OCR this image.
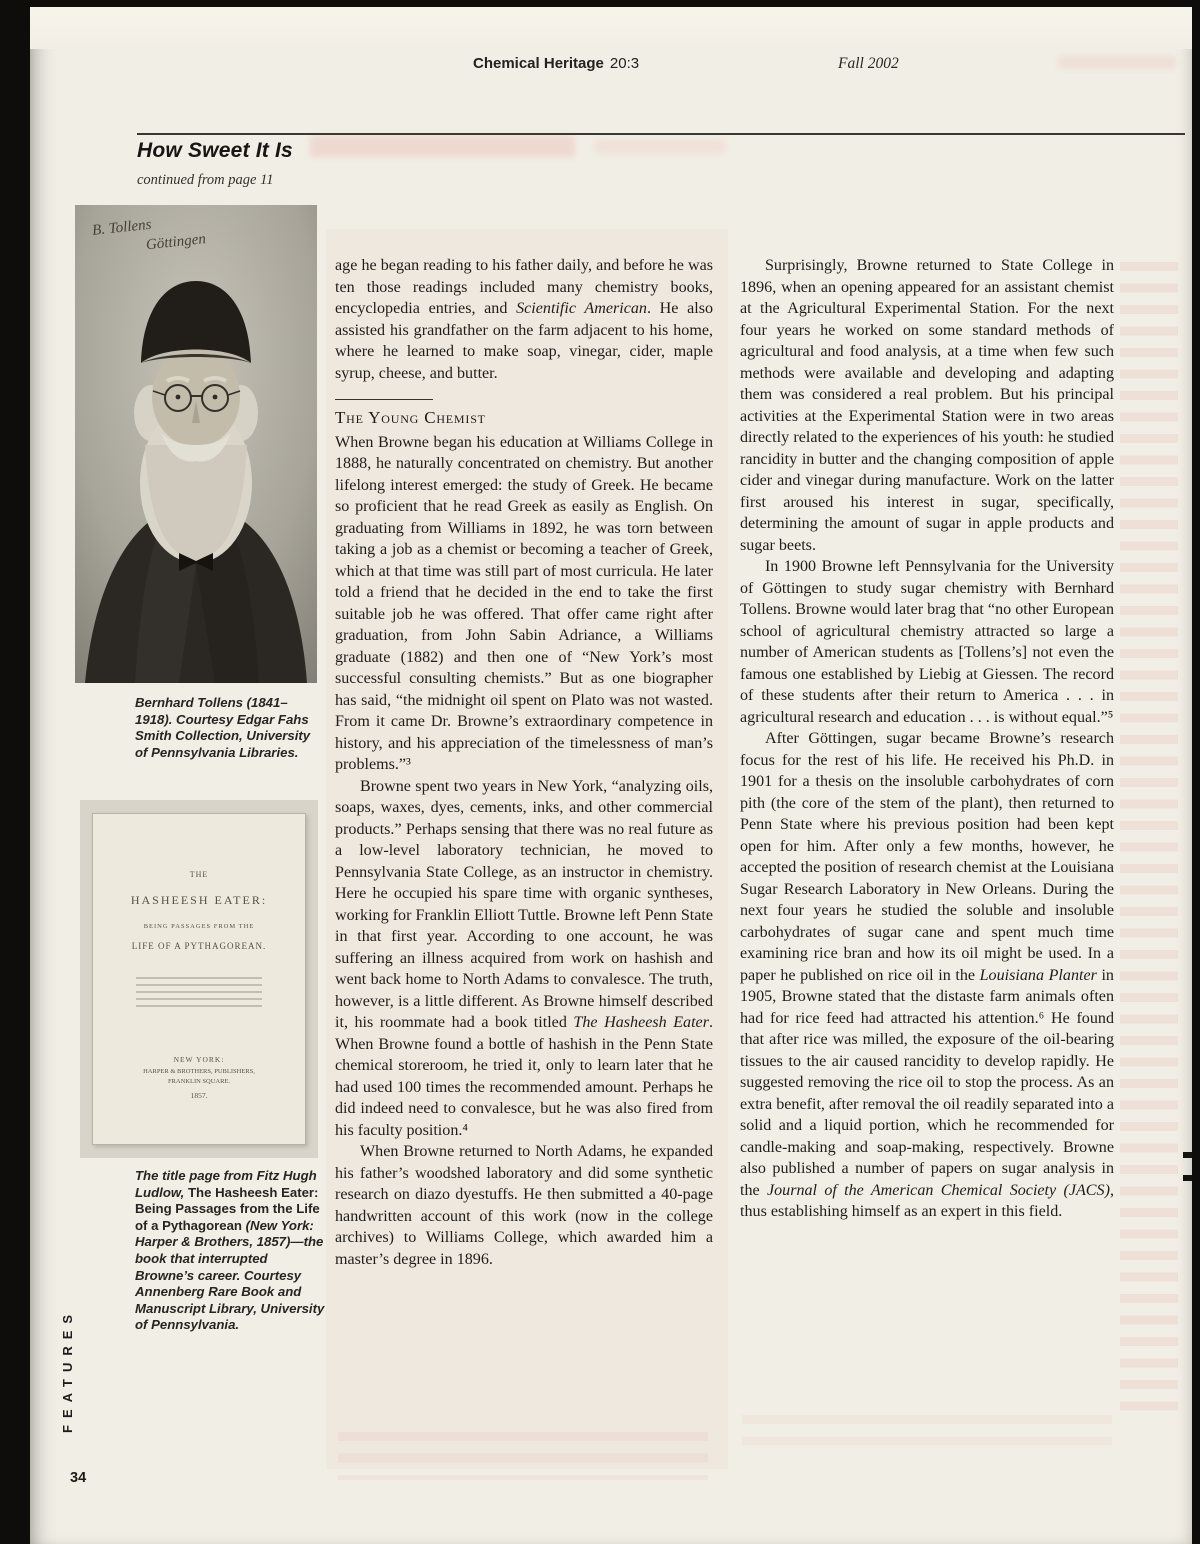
Chemical Heritage 20:3	Fall 2002
How Sweet It Is
continued from page 11
B. Tollens
Göttingen
Bernhard Tollens (1841–1918). Courtesy Edgar Fahs Smith Collection, University of Pennsylvania Libraries.
THE
HASHEESH EATER:
BEING PASSAGES FROM THE
LIFE OF A PYTHAGOREAN.
NEW YORK:
HARPER & BROTHERS, PUBLISHERS,
FRANKLIN SQUARE.
1857.
The title page from Fitz Hugh Ludlow, The Hasheesh Eater: Being Passages from the Life of a Pythagorean (New York: Harper & Brothers, 1857)—the book that interrupted Browne’s career. Courtesy Annenberg Rare Book and Manuscript Library, University of Pennsylvania.

age he began reading to his father daily, and before he was ten those readings included many chemistry books, encyclopedia entries, and Scientific American. He also assisted his grandfather on the farm adjacent to his home, where he learned to make soap, vinegar, cider, maple syrup, cheese, and butter.

The Young Chemist

When Browne began his education at Williams College in 1888, he naturally concentrated on chemistry. But another lifelong interest emerged: the study of Greek. He became so proficient that he read Greek as easily as English. On graduating from Williams in 1892, he was torn between taking a job as a chemist or becoming a teacher of Greek, which at that time was still part of most curricula. He later told a friend that he decided in the end to take the first suitable job he was offered. That offer came right after graduation, from John Sabin Adriance, a Williams graduate (1882) and then one of “New York’s most successful consulting chemists.” But as one biographer has said, “the midnight oil spent on Plato was not wasted. From it came Dr. Browne’s extraordinary competence in history, and his appreciation of the timelessness of man’s problems.”³

Browne spent two years in New York, “analyzing oils, soaps, waxes, dyes, cements, inks, and other commercial products.” Perhaps sensing that there was no real future as a low-level laboratory technician, he moved to Pennsylvania State College, as an instructor in chemistry. Here he occupied his spare time with organic syntheses, working for Franklin Elliott Tuttle. Browne left Penn State in that first year. According to one account, he was suffering an illness acquired from work on hashish and went back home to North Adams to convalesce. The truth, however, is a little different. As Browne himself described it, his roommate had a book titled The Hasheesh Eater. When Browne found a bottle of hashish in the Penn State chemical storeroom, he tried it, only to learn later that he had used 100 times the recommended amount. Perhaps he did indeed need to convalesce, but he was also fired from his faculty position.⁴

When Browne returned to North Adams, he expanded his father’s woodshed laboratory and did some synthetic research on diazo dyestuffs. He then submitted a 40-page handwritten account of this work (now in the college archives) to Williams College, which awarded him a master’s degree in 1896.

Surprisingly, Browne returned to State College in 1896, when an opening appeared for an assistant chemist at the Agricultural Experimental Station. For the next four years he worked on some standard methods of agricultural and food analysis, at a time when few such methods were available and developing and adapting them was considered a real problem. But his principal activities at the Experimental Station were in two areas directly related to the experiences of his youth: he studied rancidity in butter and the changing composition of apple cider and vinegar during manufacture. Work on the latter first aroused his interest in sugar, specifically, determining the amount of sugar in apple products and sugar beets.

In 1900 Browne left Pennsylvania for the University of Göttingen to study sugar chemistry with Bernhard Tollens. Browne would later brag that “no other European school of agricultural chemistry attracted so large a number of American students as [Tollens’s] not even the famous one established by Liebig at Giessen. The record of these students after their return to America . . . in agricultural research and education . . . is without equal.”⁵

After Göttingen, sugar became Browne’s research focus for the rest of his life. He received his Ph.D. in 1901 for a thesis on the insoluble carbohydrates of corn pith (the core of the stem of the plant), then returned to Penn State where his previous position had been kept open for him. After only a few months, however, he accepted the position of research chemist at the Louisiana Sugar Research Laboratory in New Orleans. During the next four years he studied the soluble and insoluble carbohydrates of sugar cane and spent much time examining rice bran and how its oil might be used. In a paper he published on rice oil in the Louisiana Planter in 1905, Browne stated that the distaste farm animals often had for rice feed had attracted his attention.⁶ He found that after rice was milled, the exposure of the oil-bearing tissues to the air caused rancidity to develop rapidly. He suggested removing the rice oil to stop the process. As an extra benefit, after removal the oil readily separated into a solid and a liquid portion, which he recommended for candle-making and soap-making, respectively. Browne also published a number of papers on sugar analysis in the Journal of the American Chemical Society (JACS), thus establishing himself as an expert in this field.

FEATURES
34
